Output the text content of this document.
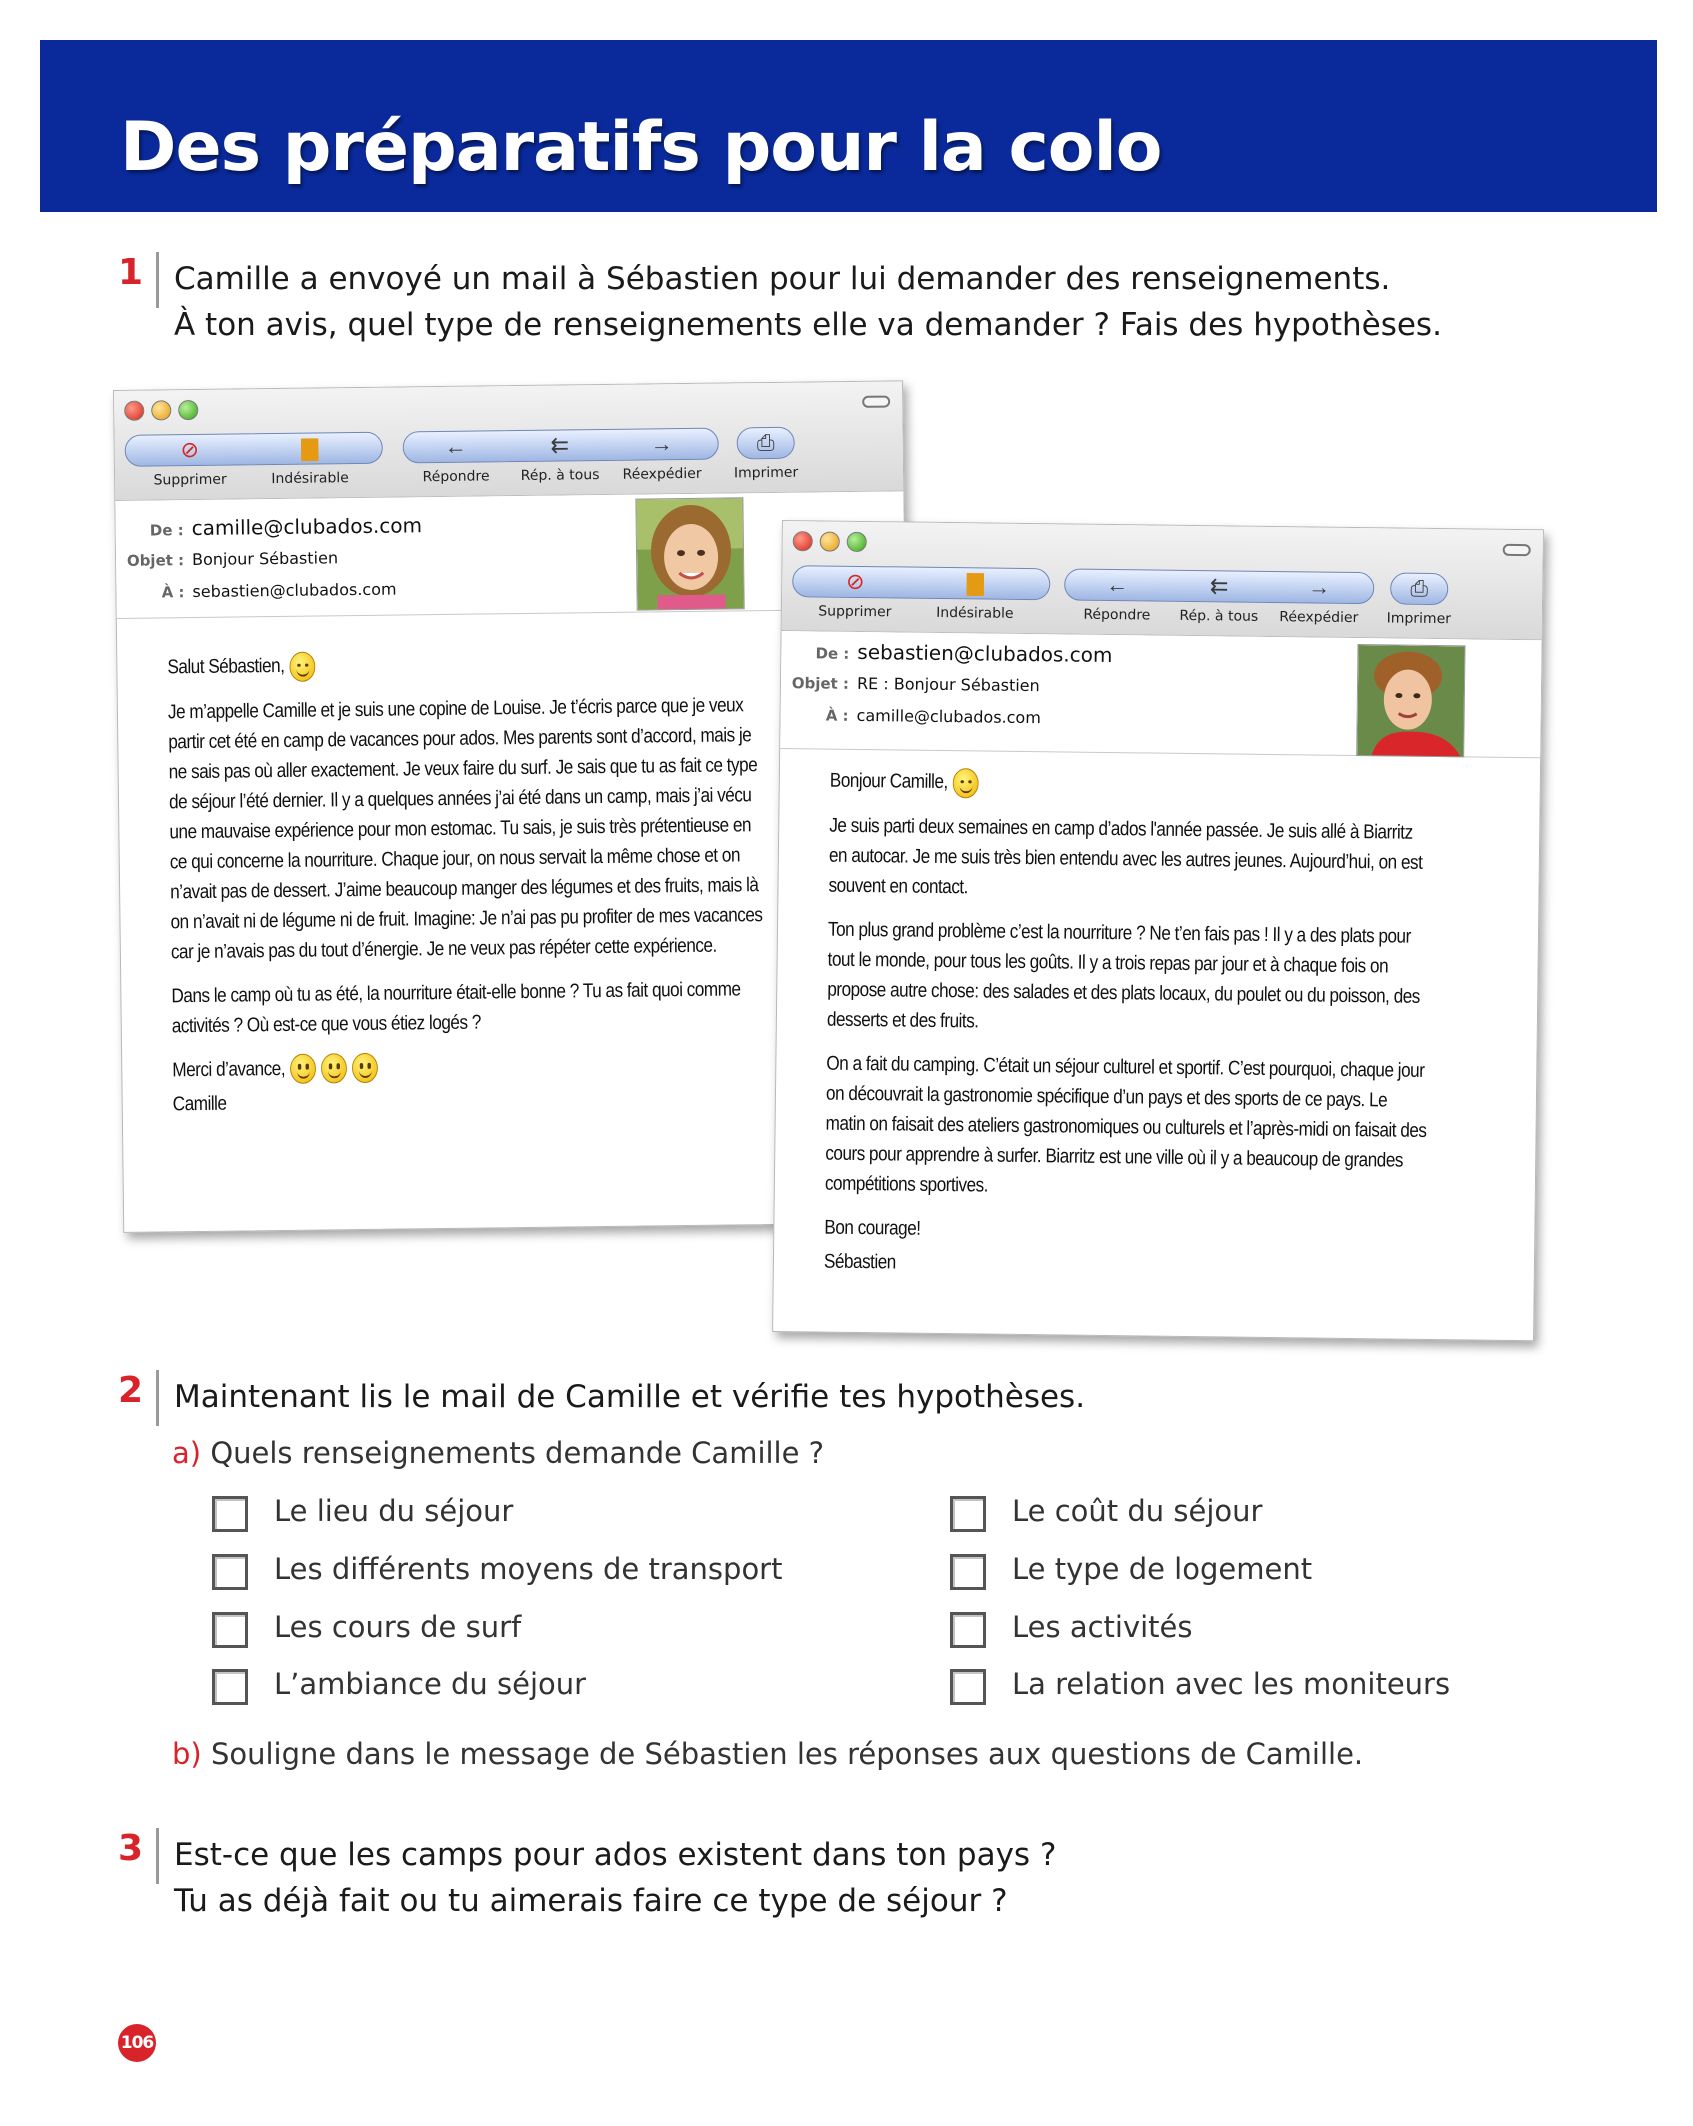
Des préparatifs pour la colo
1 Camille a envoyé un mail à Sébastien pour lui demander des renseignements.
À ton avis, quel type de renseignements elle va demander ? Fais des hypothèses.
⊘
Supprimer
▇
Indésirable
←
Répondre
⇇
Rép. à tous
→
Réexpédier
⎙
Imprimer
De : camille@clubados.com
Objet : Bonjour Sébastien
À : sebastien@clubados.com

Salut Sébastien,

Je m’appelle Camille et je suis une copine de Louise. Je t’écris parce que je veux partir cet été en camp de vacances pour ados. Mes parents sont d’accord, mais je ne sais pas où aller exactement. Je veux faire du surf. Je sais que tu as fait ce type de séjour l’été dernier. Il y a quelques années j’ai été dans un camp, mais j’ai vécu une mauvaise expérience pour mon estomac. Tu sais, je suis très prétentieuse en ce qui concerne la nourriture. Chaque jour, on nous servait la même chose et on n’avait pas de dessert. J’aime beaucoup manger des légumes et des fruits, mais là on n’avait ni de légume ni de fruit. Imagine: Je n’ai pas pu profiter de mes vacances car je n’avais pas du tout d’énergie. Je ne veux pas répéter cette expérience.

Dans le camp où tu as été, la nourriture était-elle bonne ? Tu as fait quoi comme activités ? Où est-ce que vous étiez logés ?

Merci d’avance,

Camille

⊘
Supprimer
▇
Indésirable
←
Répondre
⇇
Rép. à tous
→
Réexpédier
⎙
Imprimer
De : sebastien@clubados.com
Objet : RE : Bonjour Sébastien
À : camille@clubados.com

Bonjour Camille,

Je suis parti deux semaines en camp d’ados l'année passée. Je suis allé à Biarritz en autocar. Je me suis très bien entendu avec les autres jeunes. Aujourd’hui, on est souvent en contact.

Ton plus grand problème c’est la nourriture ? Ne t’en fais pas ! Il y a des plats pour tout le monde, pour tous les goûts. Il y a trois repas par jour et à chaque fois on propose autre chose: des salades et des plats locaux, du poulet ou du poisson, des desserts et des fruits.

On a fait du camping. C’était un séjour culturel et sportif. C’est pourquoi, chaque jour on découvrait la gastronomie spécifique d’un pays et des sports de ce pays. Le matin on faisait des ateliers gastronomiques ou culturels et l’après-midi on faisait des cours pour apprendre à surfer. Biarritz est une ville où il y a beaucoup de grandes compétitions sportives.

Bon courage!

Sébastien

2 Maintenant lis le mail de Camille et vérifie tes hypothèses.
a) Quels renseignements demande Camille ?
Le lieu du séjour
Les différents moyens de transport
Les cours de surf
L’ambiance du séjour
Le coût du séjour
Le type de logement
Les activités
La relation avec les moniteurs
b) Souligne dans le message de Sébastien les réponses aux questions de Camille.
3 Est-ce que les camps pour ados existent dans ton pays ?
Tu as déjà fait ou tu aimerais faire ce type de séjour ?
106
